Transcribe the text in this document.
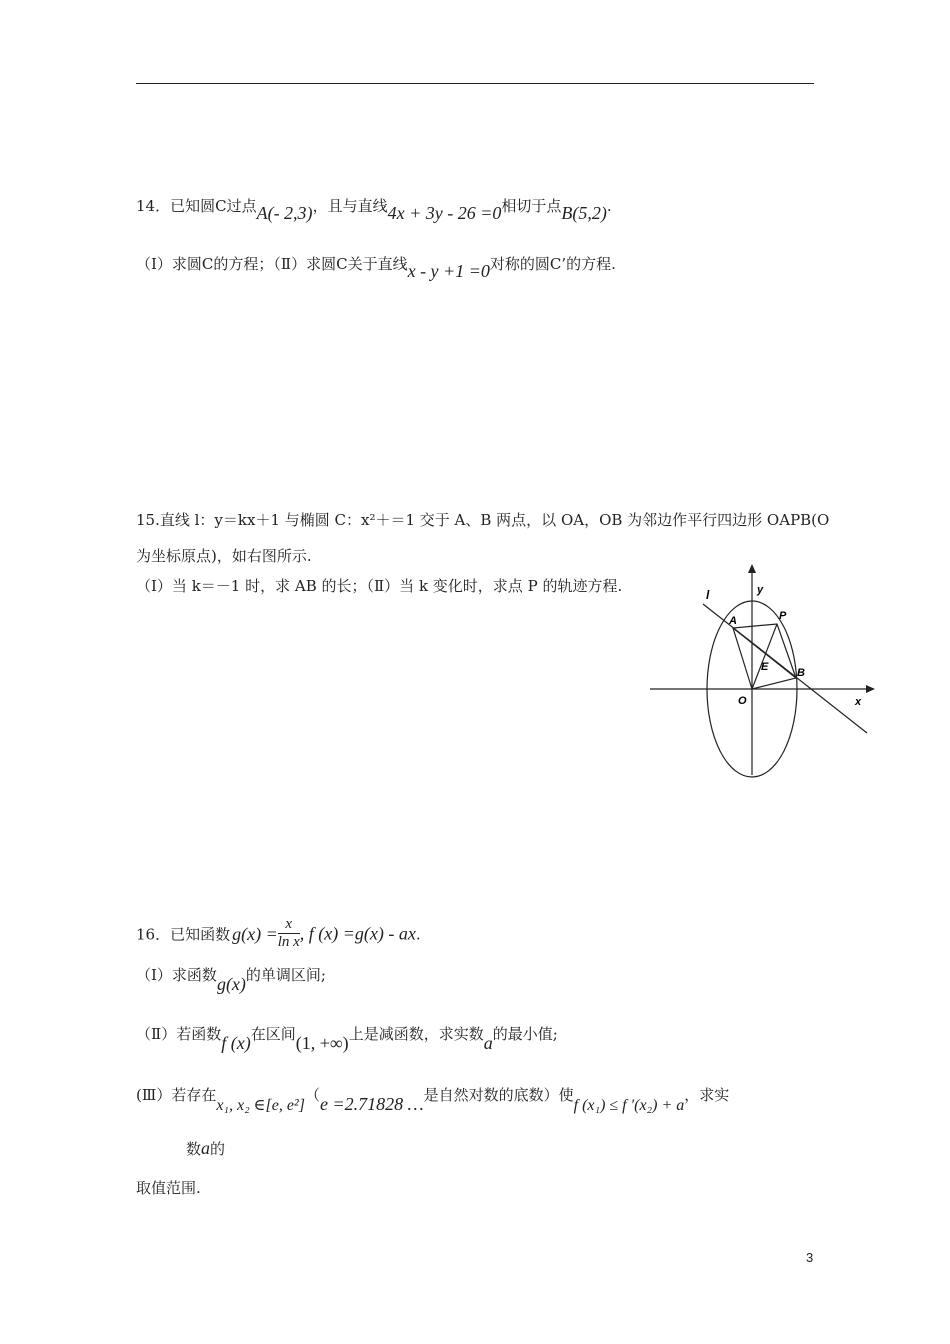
14．已知圆C过点A(- 2,3)，且与直线4x + 3y - 26 =0相切于点B(5,2).
（Ⅰ）求圆C的方程；（Ⅱ）求圆C关于直线x - y +1 =0对称的圆C’的方程.
15.直线 l：y＝kx＋1 与椭圆 C：x²＋＝1 交于 A、B 两点，以 OA，OB 为邻边作平行四边形 OAPB(O
为坐标原点)，如右图所示.
（Ⅰ）当 k＝－1 时，求 AB 的长；（Ⅱ）当 k 变化时，求点 P 的轨迹方程.	y
x
l
A	P
E	B
O
16．已知函数 $g(x) = \frac{x}{\text{ln x}}$ , f (x) =g(x) - ax.
（Ⅰ）求函数g(x)的单调区间;
（Ⅱ）若函数f (x)在区间(1, +∞)上是减函数，求实数a的最小值;
(Ⅲ）若存在x₁, x₂ ∈[e, e²]（e =2.71828 …是自然对数的底数）使f (x₁) ≤ f ′(x₂) + a，求实
数a的
取值范围.
3
